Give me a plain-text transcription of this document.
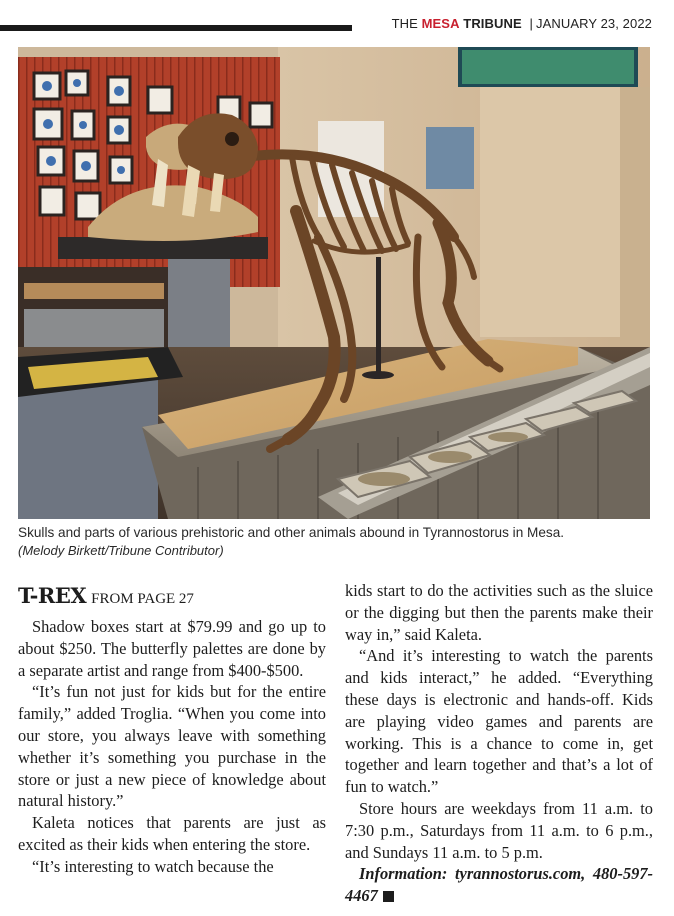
THE MESA TRIBUNE | JANUARY 23, 2022
Skulls and parts of various prehistoric and other animals abound in Tyrannostorus in Mesa.
(Melody Birkett/Tribune Contributor)
T-REX FROM PAGE 27

Shadow boxes start at $79.99 and go up to about $250. The butterfly palettes are done by a separate artist and range from $400-$500.

“It’s fun not just for kids but for the entire family,” added Troglia. “When you come into our store, you always leave with something whether it’s something you purchase in the store or just a new piece of knowledge about natural history.”

Kaleta notices that parents are just as excited as their kids when entering the store.

“It’s interesting to watch because the

kids start to do the activities such as the sluice or the digging but then the parents make their way in,” said Kaleta.

“And it’s interesting to watch the parents and kids interact,” he added. “Everything these days is electronic and hands-off. Kids are playing video games and parents are working. This is a chance to come in, get together and learn together and that’s a lot of fun to watch.”

Store hours are weekdays from 11 a.m. to 7:30 p.m., Saturdays from 11 a.m. to 6 p.m., and Sundays 11 a.m. to 5 p.m.

Information: tyrannostorus.com, 480-597-4467
